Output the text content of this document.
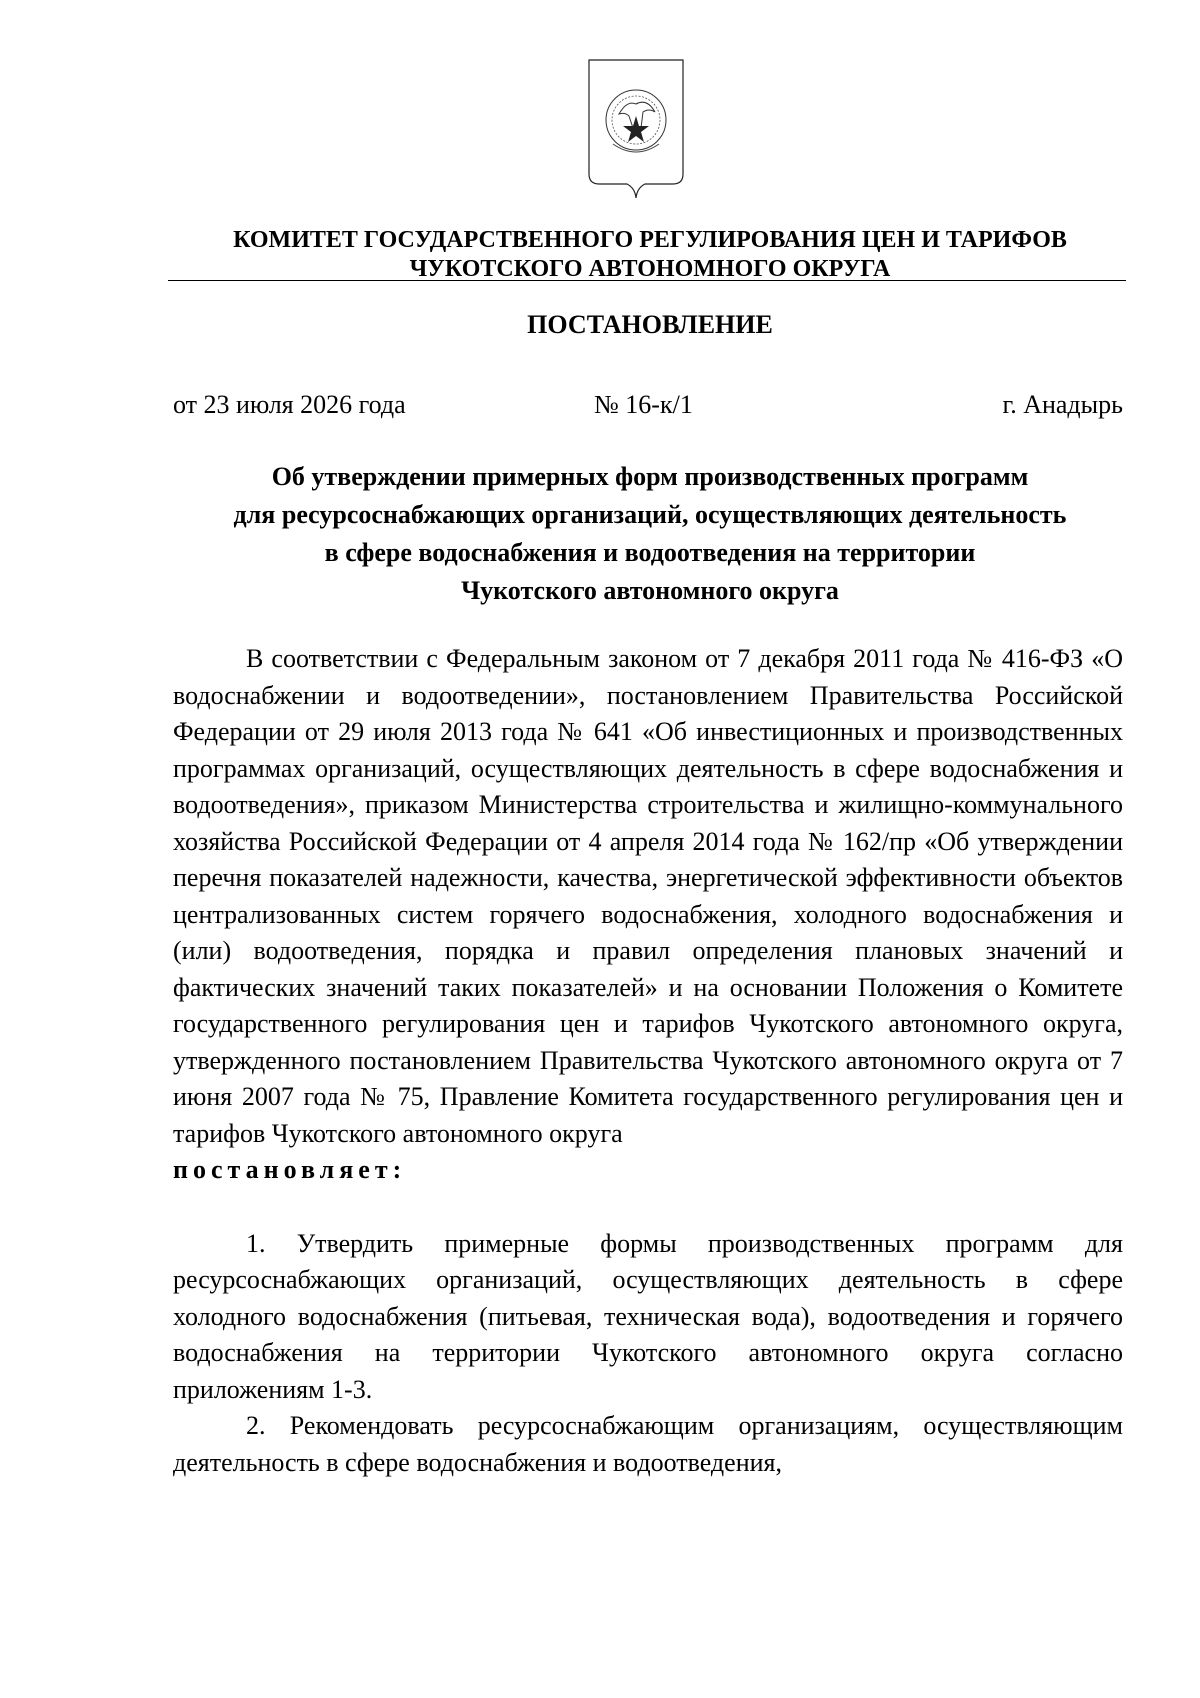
КОМИТЕТ ГОСУДАРСТВЕННОГО РЕГУЛИРОВАНИЯ ЦЕН И ТАРИФОВ
ЧУКОТСКОГО АВТОНОМНОГО ОКРУГА
ПОСТАНОВЛЕНИЕ
от 23 июля 2026 года	№ 16-к/1	г. Анадырь
Об утверждении примерных форм производственных программ
для ресурсоснабжающих организаций, осуществляющих деятельность
в сфере водоснабжения и водоотведения на территории
Чукотского автономного округа

В соответствии с Федеральным законом от 7 декабря 2011 года № 416-ФЗ «О водоснабжении и водоотведении», постановлением Правительства Российской Федерации от 29 июля 2013 года № 641 «Об инвестиционных и производственных программах организаций, осуществляющих деятельность в сфере водоснабжения и водоотведения», приказом Министерства строительства и жилищно-коммунального хозяйства Российской Федерации от 4 апреля 2014 года № 162/пр «Об утверждении перечня показателей надежности, качества, энергетической эффективности объектов централизованных систем горячего водоснабжения, холодного водоснабжения и (или) водоотведения, порядка и правил определения плановых значений и фактических значений таких показателей» и на основании Положения о Комитете государственного регулирования цен и тарифов Чукотского автономного округа, утвержденного постановлением Правительства Чукотского автономного округа от 7 июня 2007 года № 75, Правление Комитета государственного регулирования цен и тарифов Чукотского автономного округа

постановляет:

1. Утвердить примерные формы производственных программ для ресурсоснабжающих организаций, осуществляющих деятельность в сфере холодного водоснабжения (питьевая, техническая вода), водоотведения и горячего водоснабжения на территории Чукотского автономного округа согласно приложениям 1-3.

2. Рекомендовать ресурсоснабжающим организациям, осуществляющим деятельность в сфере водоснабжения и водоотведения,
